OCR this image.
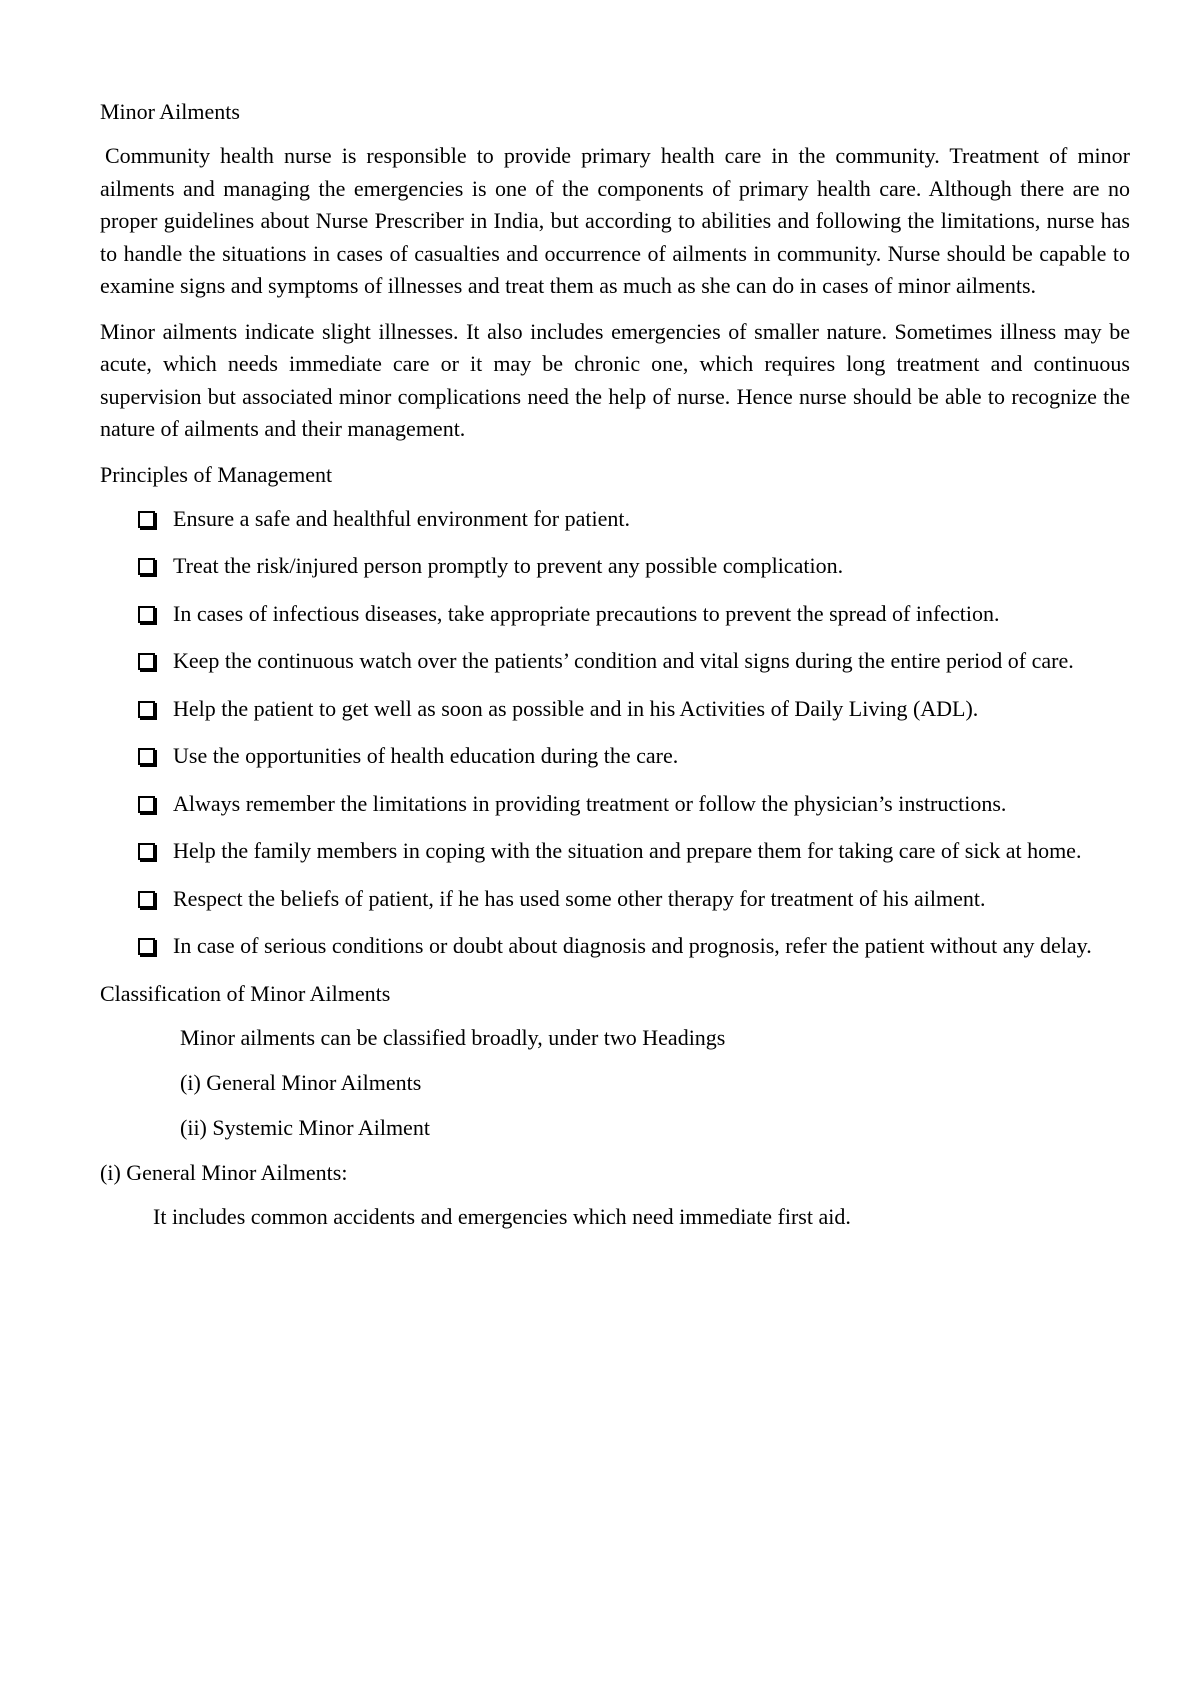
Minor Ailments

Community health nurse is responsible to provide primary health care in the community. Treatment of minor ailments and managing the emergencies is one of the components of primary health care. Although there are no proper guidelines about Nurse Prescriber in India, but according to abilities and following the limitations, nurse has to handle the situations in cases of casualties and occurrence of ailments in community. Nurse should be capable to examine signs and symptoms of illnesses and treat them as much as she can do in cases of minor ailments.

Minor ailments indicate slight illnesses. It also includes emergencies of smaller nature. Sometimes illness may be acute, which needs immediate care or it may be chronic one, which requires long treatment and continuous supervision but associated minor complications need the help of nurse. Hence nurse should be able to recognize the nature of ailments and their management.

Principles of Management
Ensure a safe and healthful environment for patient.
Treat the risk/injured person promptly to prevent any possible complication.
In cases of infectious diseases, take appropriate precautions to prevent the spread of infection.
Keep the continuous watch over the patients’ condition and vital signs during the entire period of care.
Help the patient to get well as soon as possible and in his Activities of Daily Living (ADL).
Use the opportunities of health education during the care.
Always remember the limitations in providing treatment or follow the physician’s instructions.
Help the family members in coping with the situation and prepare them for taking care of sick at home.
Respect the beliefs of patient, if he has used some other therapy for treatment of his ailment.
In case of serious conditions or doubt about diagnosis and prognosis, refer the patient without any delay.
Classification of Minor Ailments
Minor ailments can be classified broadly, under two Headings
(i) General Minor Ailments
(ii) Systemic Minor Ailment
(i) General Minor Ailments:
It includes common accidents and emergencies which need immediate first aid.
